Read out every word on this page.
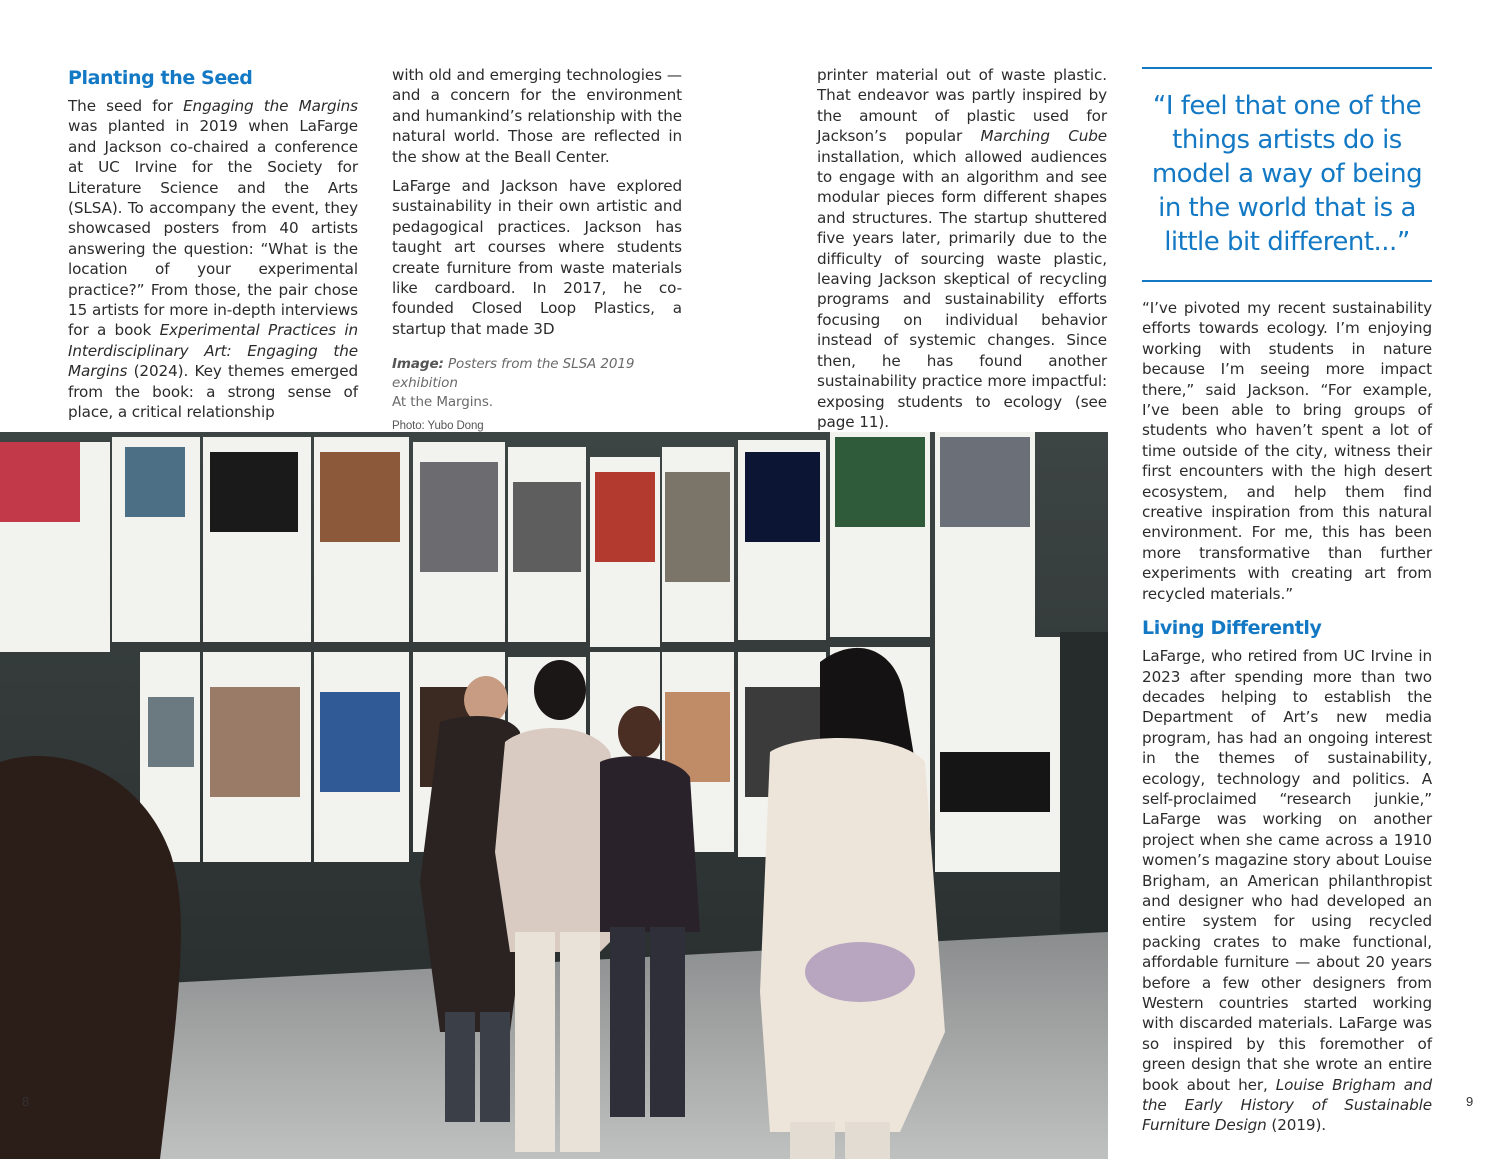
Planting the Seed

The seed for Engaging the Margins was planted in 2019 when LaFarge and Jackson co-chaired a conference at UC Irvine for the Society for Literature Science and the Arts (SLSA). To accompany the event, they showcased posters from 40 artists answering the question: “What is the location of your experimental practice?” From those, the pair chose 15 artists for more in-depth interviews for a book Experimental Practices in Interdisciplinary Art: Engaging the Margins (2024). Key themes emerged from the book: a strong sense of place, a critical relationship

with old and emerging technologies — and a concern for the environment and humankind’s relationship with the natural world. Those are reflected in the show at the Beall Center.

LaFarge and Jackson have explored sustainability in their own artistic and pedagogical practices. Jackson has taught art courses where students create furniture from waste materials like cardboard. In 2017, he co-founded Closed Loop Plastics, a startup that made 3D

Image: Posters from the SLSA 2019 exhibition
At the Margins.
Photo: Yubo Dong

printer material out of waste plastic. That endeavor was partly inspired by the amount of plastic used for Jackson’s popular Marching Cube installation, which allowed audiences to engage with an algorithm and see modular pieces form different shapes and structures. The startup shuttered five years later, primarily due to the difficulty of sourcing waste plastic, leaving Jackson skeptical of recycling programs and sustainability efforts focusing on individual behavior instead of systemic changes. Since then, he has found another sustainability practice more impactful: exposing students to ecology (see page 11).

“I feel that one of the things artists do is model a way of being in the world that is a little bit different...”

“I’ve pivoted my recent sustainability efforts towards ecology. I’m enjoying working with students in nature because I’m seeing more impact there,” said Jackson. “For example, I’ve been able to bring groups of students who haven’t spent a lot of time outside of the city, witness their first encounters with the high desert ecosystem, and help them find creative inspiration from this natural environment. For me, this has been more transformative than further experiments with creating art from recycled materials.”

Living Differently

LaFarge, who retired from UC Irvine in 2023 after spending more than two decades helping to establish the Department of Art’s new media program, has had an ongoing interest in the themes of sustainability, ecology, technology and politics. A self-proclaimed “research junkie,” LaFarge was working on another project when she came across a 1910 women’s magazine story about Louise Brigham, an American philanthropist and designer who had developed an entire system for using recycled packing crates to make functional, affordable furniture — about 20 years before a few other designers from Western countries started working with discarded materials. LaFarge was so inspired by this foremother of green design that she wrote an entire book about her, Louise Brigham and the Early History of Sustainable Furniture Design (2019).

8	9
